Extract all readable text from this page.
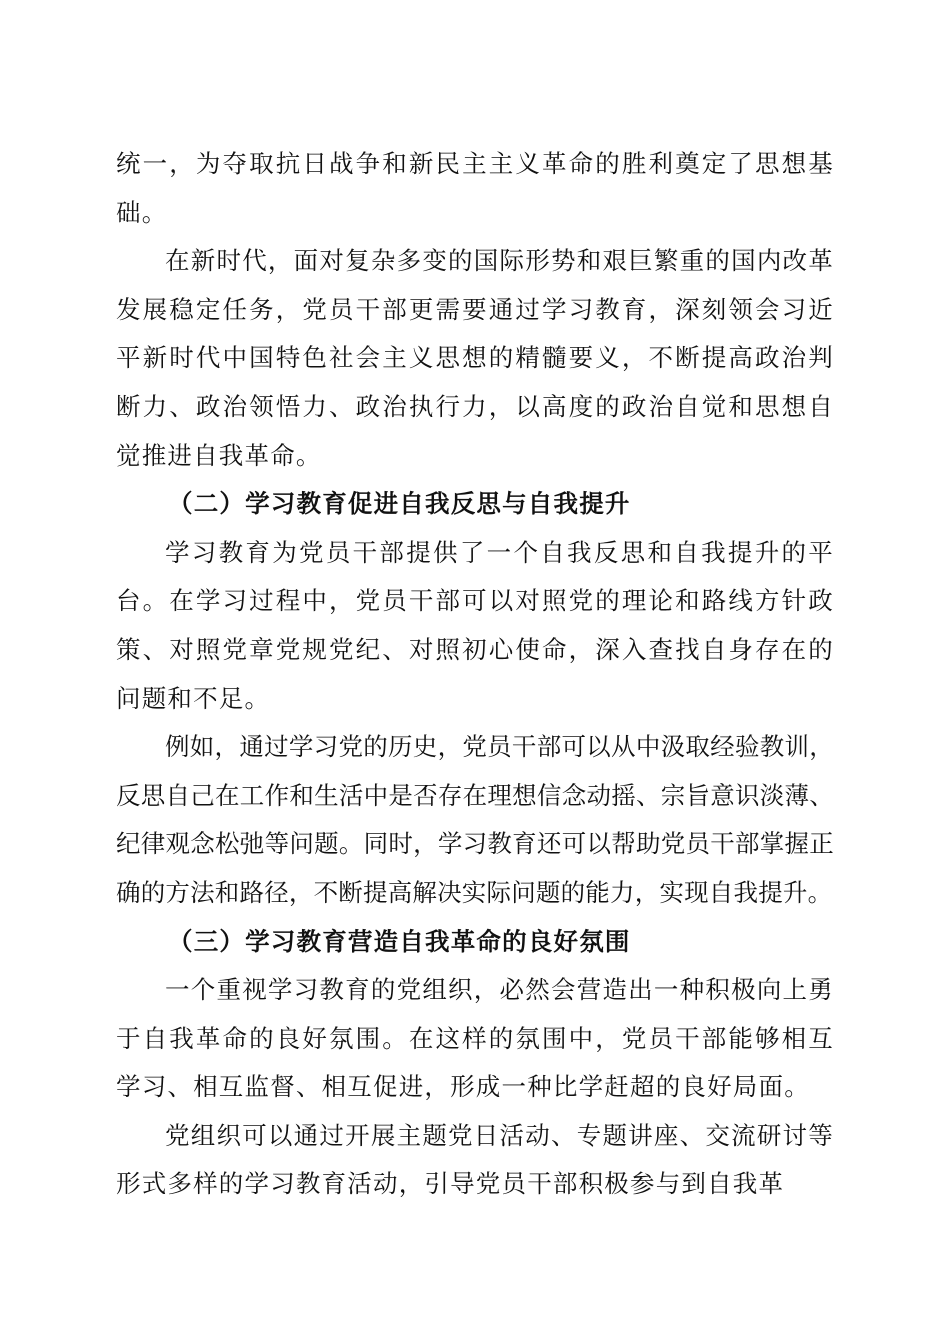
统一，为夺取抗日战争和新民主主义革命的胜利奠定了思想基础。

在新时代，面对复杂多变的国际形势和艰巨繁重的国内改革发展稳定任务，党员干部更需要通过学习教育，深刻领会习近平新时代中国特色社会主义思想的精髓要义，不断提高政治判断力、政治领悟力、政治执行力，以高度的政治自觉和思想自觉推进自我革命。

（二）学习教育促进自我反思与自我提升

学习教育为党员干部提供了一个自我反思和自我提升的平台。在学习过程中，党员干部可以对照党的理论和路线方针政策、对照党章党规党纪、对照初心使命，深入查找自身存在的问题和不足。

例如，通过学习党的历史，党员干部可以从中汲取经验教训，反思自己在工作和生活中是否存在理想信念动摇、宗旨意识淡薄、纪律观念松弛等问题。同时，学习教育还可以帮助党员干部掌握正确的方法和路径，不断提高解决实际问题的能力，实现自我提升。

（三）学习教育营造自我革命的良好氛围

一个重视学习教育的党组织，必然会营造出一种积极向上勇于自我革命的良好氛围。在这样的氛围中，党员干部能够相互学习、相互监督、相互促进，形成一种比学赶超的良好局面。

党组织可以通过开展主题党日活动、专题讲座、交流研讨等形式多样的学习教育活动，引导党员干部积极参与到自我革
